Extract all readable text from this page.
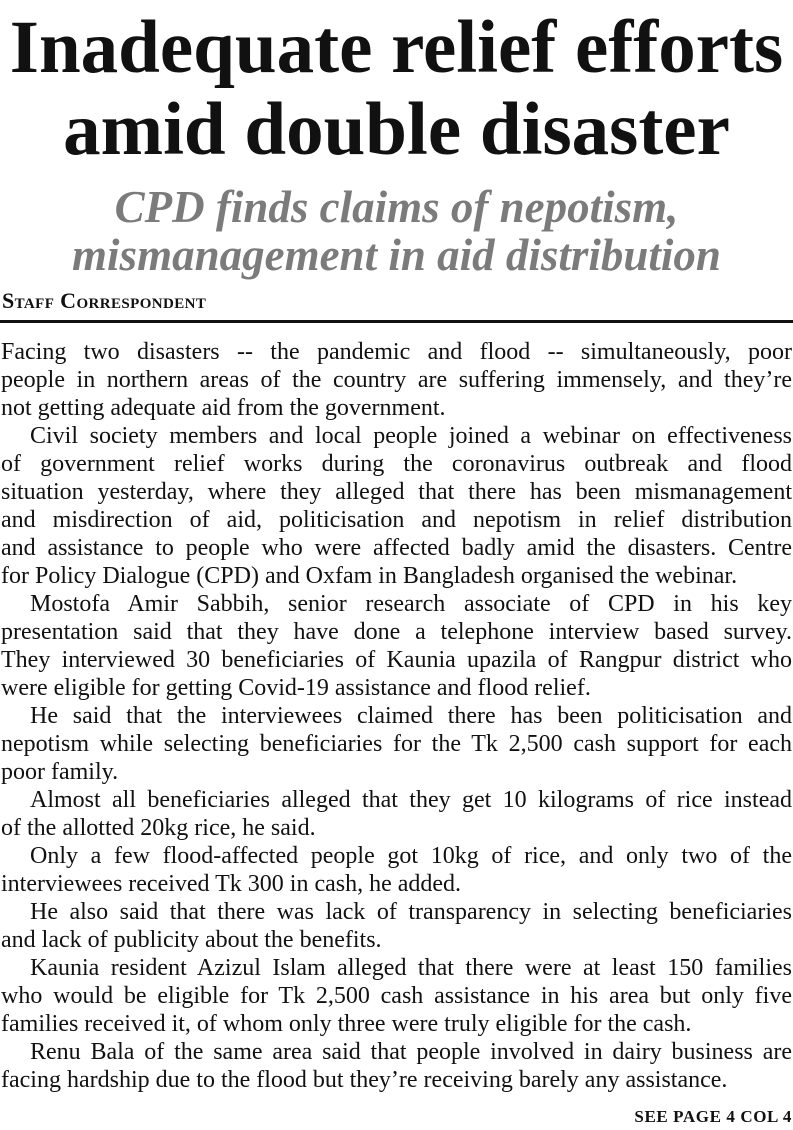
Inadequate relief efforts
amid double disaster
CPD finds claims of nepotism,
mismanagement in aid distribution
Staff Correspondent
Facing two disasters -- the pandemic and flood -- simultaneously, poor
people in northern areas of the country are suffering immensely, and they’re
not getting adequate aid from the government.
Civil society members and local people joined a webinar on effectiveness
of government relief works during the coronavirus outbreak and flood
situation yesterday, where they alleged that there has been mismanagement
and misdirection of aid, politicisation and nepotism in relief distribution
and assistance to people who were affected badly amid the disasters. Centre
for Policy Dialogue (CPD) and Oxfam in Bangladesh organised the webinar.
Mostofa Amir Sabbih, senior research associate of CPD in his key
presentation said that they have done a telephone interview based survey.
They interviewed 30 beneficiaries of Kaunia upazila of Rangpur district who
were eligible for getting Covid-19 assistance and flood relief.
He said that the interviewees claimed there has been politicisation and
nepotism while selecting beneficiaries for the Tk 2,500 cash support for each
poor family.
Almost all beneficiaries alleged that they get 10 kilograms of rice instead
of the allotted 20kg rice, he said.
Only a few flood-affected people got 10kg of rice, and only two of the
interviewees received Tk 300 in cash, he added.
He also said that there was lack of transparency in selecting beneficiaries
and lack of publicity about the benefits.
Kaunia resident Azizul Islam alleged that there were at least 150 families
who would be eligible for Tk 2,500 cash assistance in his area but only five
families received it, of whom only three were truly eligible for the cash.
Renu Bala of the same area said that people involved in dairy business are
facing hardship due to the flood but they’re receiving barely any assistance.
SEE PAGE 4 COL 4
